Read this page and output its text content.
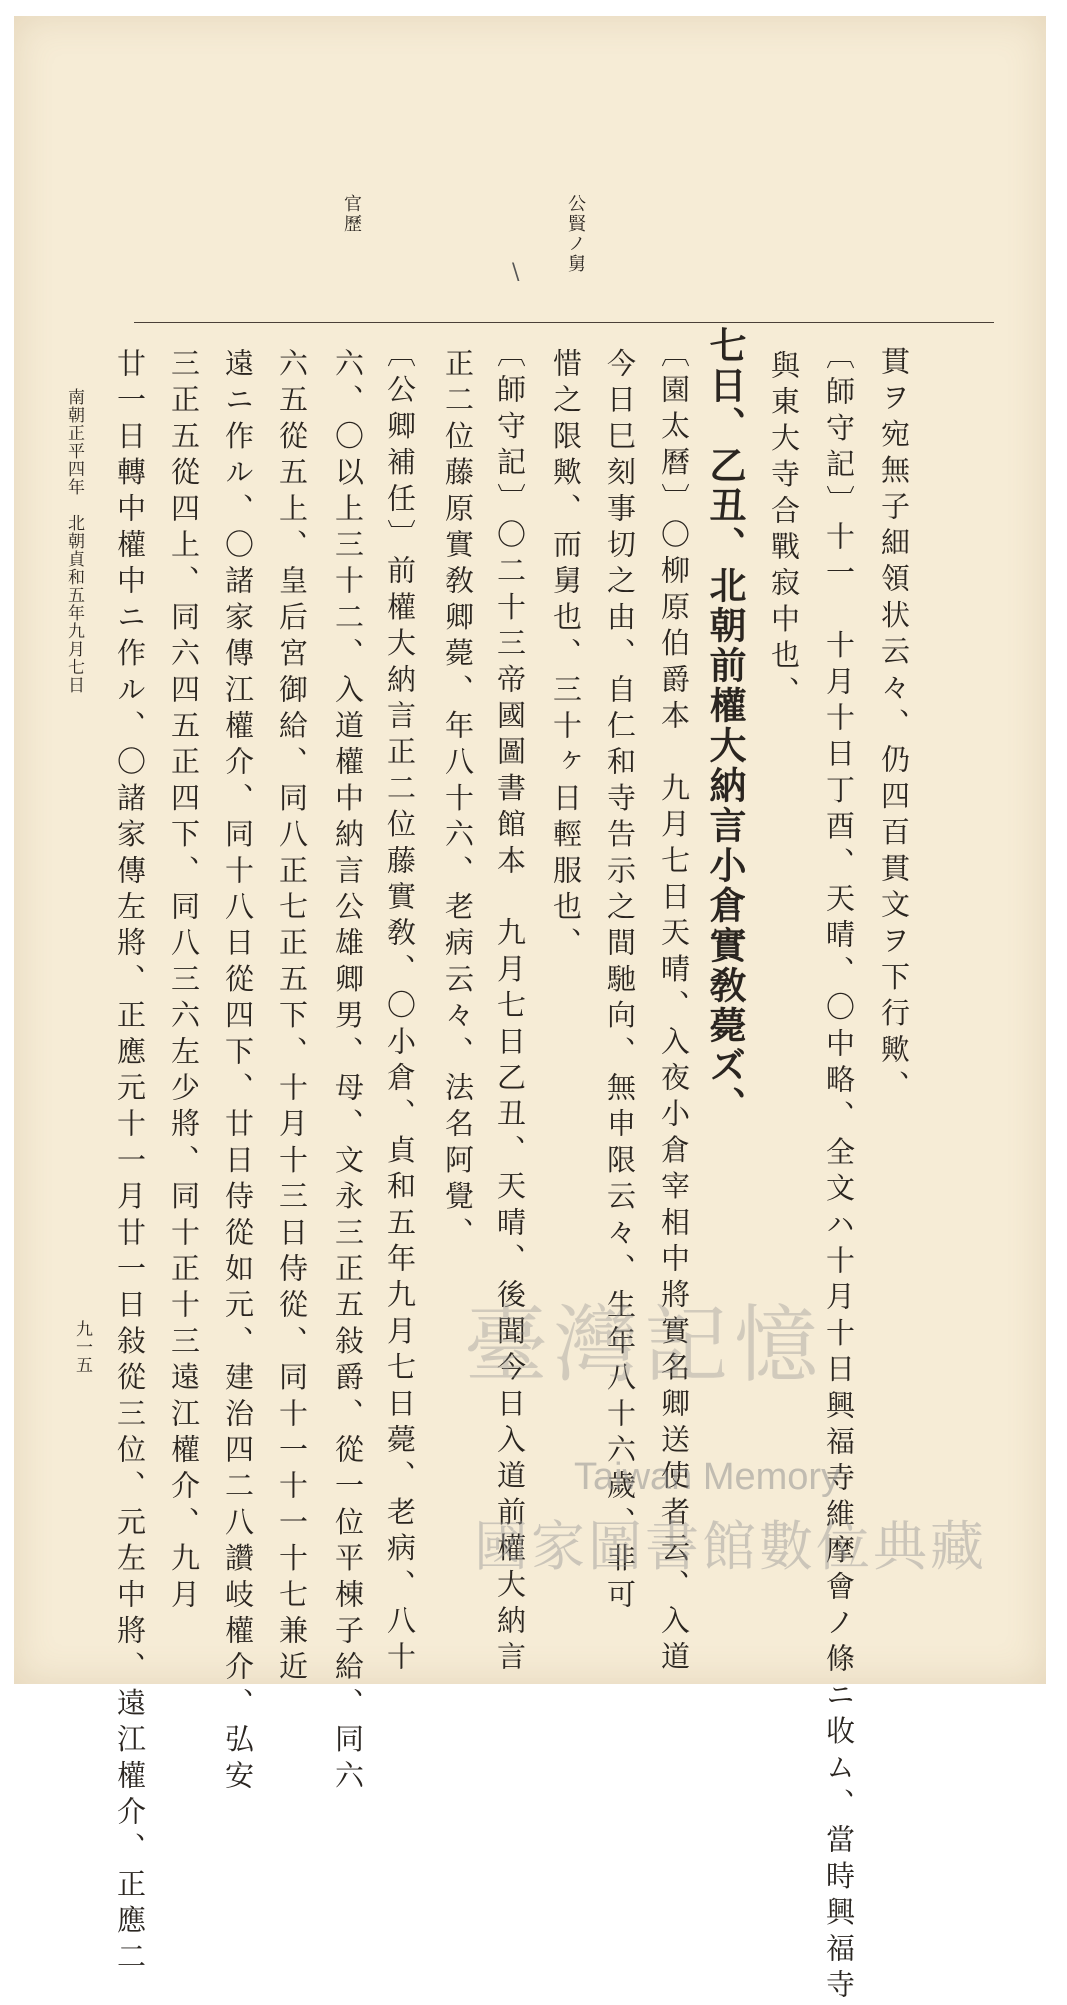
公賢ノ舅
官歷
\
貫ヲ宛無子細領状云々、仍四百貫文ヲ下行歟、
〔師守記〕十一　十月十日丁酉、天晴、〇中略、全文ハ十月十日興福寺維摩會ノ條ニ收ム、當時興福寺
與東大寺合戰寂中也、
七日、乙丑、北朝前權大納言小倉實敎薨ズ、
〔園太曆〕〇柳原伯爵本　九月七日天晴、入夜小倉宰相中將實名卿送使者云、入道
今日巳刻事切之由、自仁和寺告示之間馳向、無申限云々、生年八十六歲、非可
惜之限歟、而舅也、三十ヶ日輕服也、
〔師守記〕〇二十三帝國圖書館本　九月七日乙丑、天晴、後聞今日入道前權大納言
正二位藤原實敎卿薨、年八十六、老病云々、法名阿覺、
〔公卿補任〕前權大納言正二位藤實敎、〇小倉、貞和五年九月七日薨、老病、八十
六、〇以上三十二、入道權中納言公雄卿男、母、文永三正五敍爵、從一位平棟子給、同六
六五從五上、皇后宮御給、同八正七正五下、十月十三日侍從、同十一十一十七兼近
遠ニ作ル、〇諸家傳江權介、同十八日從四下、廿日侍從如元、建治四二八讚岐權介、弘安
三正五從四上、同六四五正四下、同八三六左少將、同十正十三遠江權介、九月
廿一日轉中權中ニ作ル、〇諸家傳左將、正應元十一月廿一日敍從三位、元左中將、遠江權介、正應二
南朝正平四年　北朝貞和五年九月七日
九一五	臺灣記憶
Taiwan Memory
國家圖書館數位典藏
